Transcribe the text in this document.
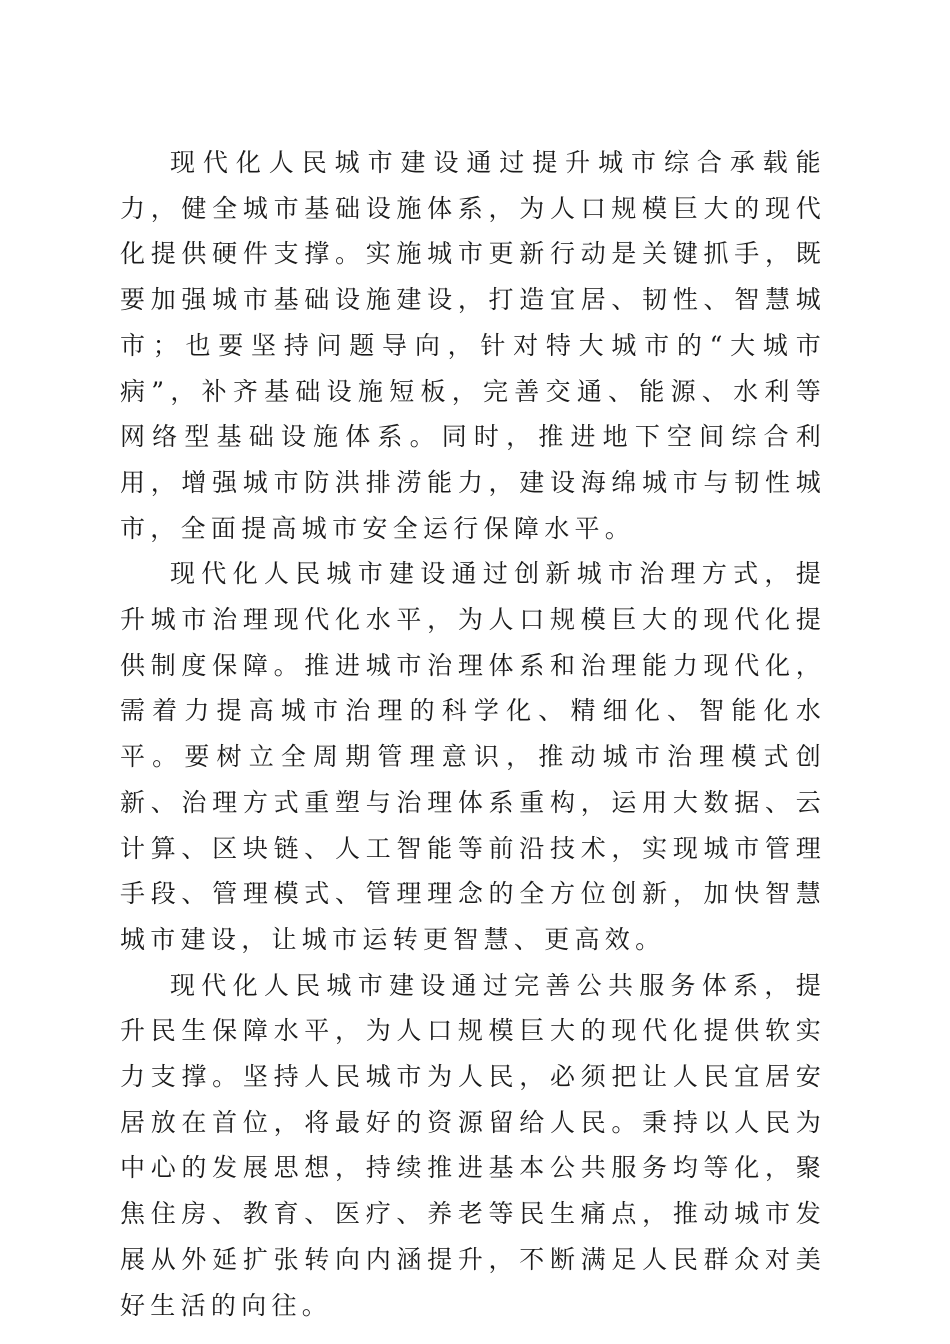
现代化人民城市建设通过提升城市综合承载能力，健全城市基础设施体系，为人口规模巨大的现代化提供硬件支撑。实施城市更新行动是关键抓手，既要加强城市基础设施建设，打造宜居、韧性、智慧城市；也要坚持问题导向，针对特大城市的“大城市病”，补齐基础设施短板，完善交通、能源、水利等网络型基础设施体系。同时，推进地下空间综合利用，增强城市防洪排涝能力，建设海绵城市与韧性城市，全面提高城市安全运行保障水平。

现代化人民城市建设通过创新城市治理方式，提升城市治理现代化水平，为人口规模巨大的现代化提供制度保障。推进城市治理体系和治理能力现代化，需着力提高城市治理的科学化、精细化、智能化水平。要树立全周期管理意识，推动城市治理模式创新、治理方式重塑与治理体系重构，运用大数据、云计算、区块链、人工智能等前沿技术，实现城市管理手段、管理模式、管理理念的全方位创新，加快智慧城市建设，让城市运转更智慧、更高效。

现代化人民城市建设通过完善公共服务体系，提升民生保障水平，为人口规模巨大的现代化提供软实力支撑。坚持人民城市为人民，必须把让人民宜居安居放在首位，将最好的资源留给人民。秉持以人民为中心的发展思想，持续推进基本公共服务均等化，聚焦住房、教育、医疗、养老等民生痛点，推动城市发展从外延扩张转向内涵提升，不断满足人民群众对美好生活的向往。
